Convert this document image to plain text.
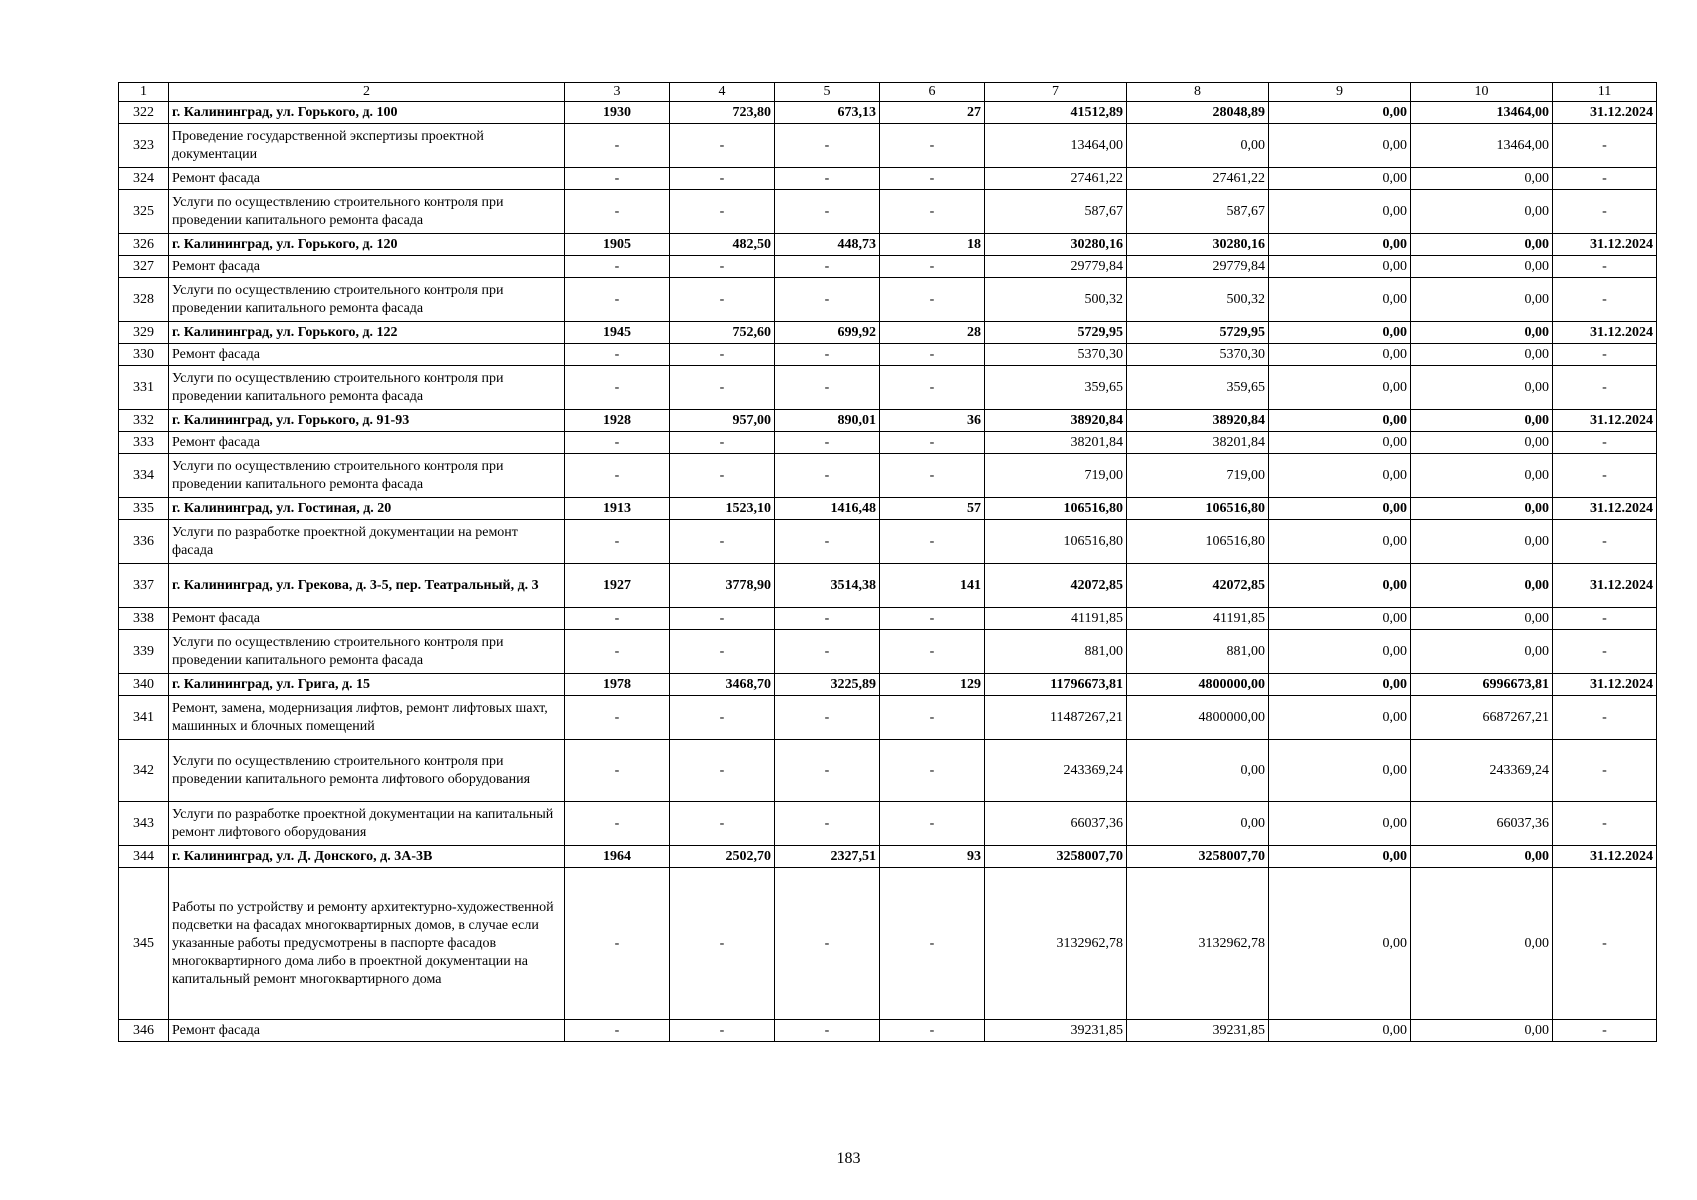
1	2	3	4	5	6	7	8	9	10	11
322	г. Калининград, ул. Горького, д. 100	1930	723,80	673,13	27	41512,89	28048,89	0,00	13464,00	31.12.2024
323	Проведение государственной экспертизы проектной документации	-	-	-	-	13464,00	0,00	0,00	13464,00	-
324	Ремонт фасада	-	-	-	-	27461,22	27461,22	0,00	0,00	-
325	Услуги по осуществлению строительного контроля при проведении капитального ремонта фасада	-	-	-	-	587,67	587,67	0,00	0,00	-
326	г. Калининград, ул. Горького, д. 120	1905	482,50	448,73	18	30280,16	30280,16	0,00	0,00	31.12.2024
327	Ремонт фасада	-	-	-	-	29779,84	29779,84	0,00	0,00	-
328	Услуги по осуществлению строительного контроля при проведении капитального ремонта фасада	-	-	-	-	500,32	500,32	0,00	0,00	-
329	г. Калининград, ул. Горького, д. 122	1945	752,60	699,92	28	5729,95	5729,95	0,00	0,00	31.12.2024
330	Ремонт фасада	-	-	-	-	5370,30	5370,30	0,00	0,00	-
331	Услуги по осуществлению строительного контроля при проведении капитального ремонта фасада	-	-	-	-	359,65	359,65	0,00	0,00	-
332	г. Калининград, ул. Горького, д. 91-93	1928	957,00	890,01	36	38920,84	38920,84	0,00	0,00	31.12.2024
333	Ремонт фасада	-	-	-	-	38201,84	38201,84	0,00	0,00	-
334	Услуги по осуществлению строительного контроля при проведении капитального ремонта фасада	-	-	-	-	719,00	719,00	0,00	0,00	-
335	г. Калининград, ул. Гостиная, д. 20	1913	1523,10	1416,48	57	106516,80	106516,80	0,00	0,00	31.12.2024
336	Услуги по разработке проектной документации на ремонт фасада	-	-	-	-	106516,80	106516,80	0,00	0,00	-
337	г. Калининград, ул. Грекова, д. 3-5, пер. Театральный, д. 3	1927	3778,90	3514,38	141	42072,85	42072,85	0,00	0,00	31.12.2024
338	Ремонт фасада	-	-	-	-	41191,85	41191,85	0,00	0,00	-
339	Услуги по осуществлению строительного контроля при проведении капитального ремонта фасада	-	-	-	-	881,00	881,00	0,00	0,00	-
340	г. Калининград, ул. Грига, д. 15	1978	3468,70	3225,89	129	11796673,81	4800000,00	0,00	6996673,81	31.12.2024
341	Ремонт, замена, модернизация лифтов, ремонт лифтовых шахт, машинных и блочных помещений	-	-	-	-	11487267,21	4800000,00	0,00	6687267,21	-
342	Услуги по осуществлению строительного контроля при проведении капитального ремонта лифтового оборудования	-	-	-	-	243369,24	0,00	0,00	243369,24	-
343	Услуги по разработке проектной документации на капитальный ремонт лифтового оборудования	-	-	-	-	66037,36	0,00	0,00	66037,36	-
344	г. Калининград, ул. Д. Донского, д. 3А-3В	1964	2502,70	2327,51	93	3258007,70	3258007,70	0,00	0,00	31.12.2024
345	Работы по устройству и ремонту архитектурно-художественной подсветки на фасадах многоквартирных домов, в случае если указанные работы предусмотрены в паспорте фасадов многоквартирного дома либо в проектной документации на капитальный ремонт многоквартирного дома	-	-	-	-	3132962,78	3132962,78	0,00	0,00	-
346	Ремонт фасада	-	-	-	-	39231,85	39231,85	0,00	0,00	-
183
